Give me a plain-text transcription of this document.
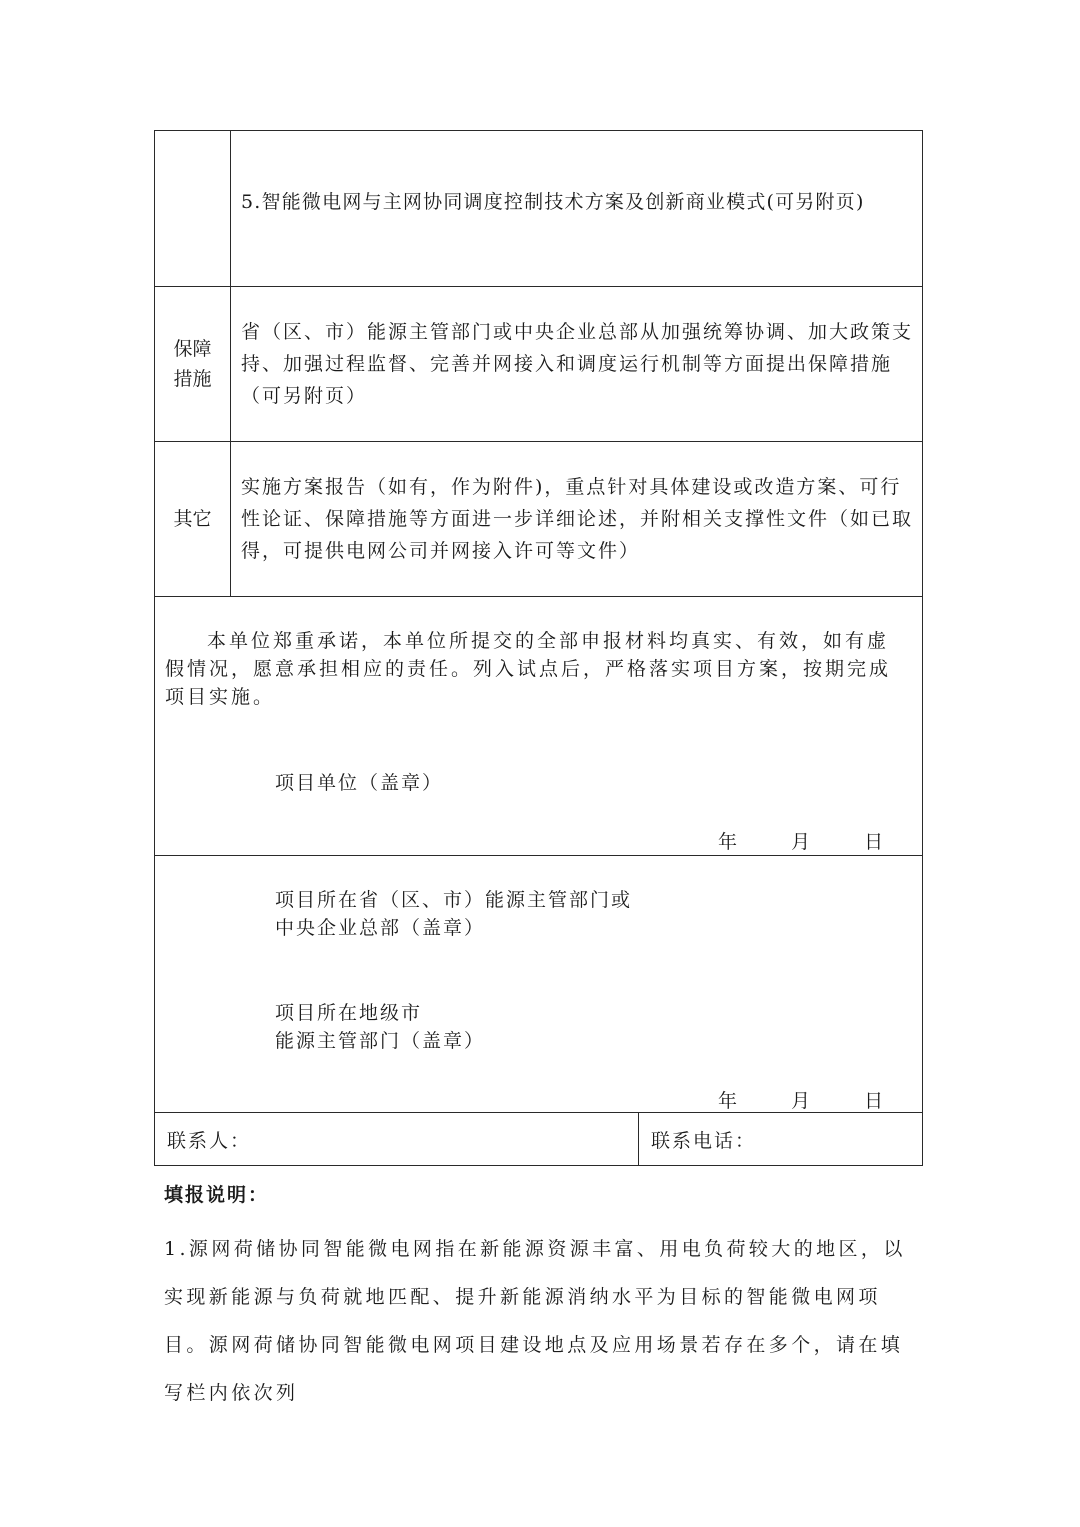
	5.智能微电网与主网协同调度控制技术方案及创新商业模式(可另附页)	

保障措施	省（区、市）能源主管部门或中央企业总部从加强统筹协调、加大政策支持、加强过程监督、完善并网接入和调度运行机制等方面提出保障措施（可另附页）	

其它	实施方案报告（如有，作为附件)，重点针对具体建设或改造方案、可行性论证、保障措施等方面进一步详细论述，并附相关支撑性文件（如已取得，可提供电网公司并网接入许可等文件）	

本单位郑重承诺，本单位所提交的全部申报材料均真实、有效，如有虚假情况，愿意承担相应的责任。列入试点后，严格落实项目方案，按期完成项目实施。
项目单位（盖章）
年 月 日		

项目所在省（区、市）能源主管部门或
中央企业总部（盖章）
项目所在地级市
能源主管部门（盖章）
年 月 日		

联系人：		联系电话：
填报说明：
1.源网荷储协同智能微电网指在新能源资源丰富、用电负荷较大的地区，以实现新能源与负荷就地匹配、提升新能源消纳水平为目标的智能微电网项目。源网荷储协同智能微电网项目建设地点及应用场景若存在多个，请在填写栏内依次列
